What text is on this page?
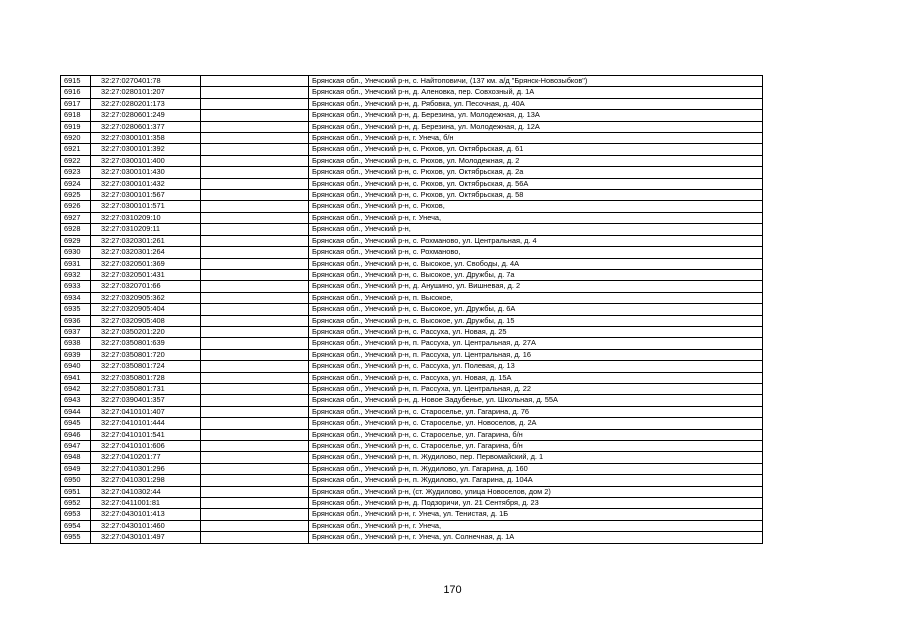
6915	32:27:0270401:78		Брянская обл., Унечский р-н, с. Найтоповичи, (137 км. а/д "Брянск-Новозыбков")
6916	32:27:0280101:207		Брянская обл., Унечский р-н, д. Аленовка, пер. Совхозный, д. 1А
6917	32:27:0280201:173		Брянская обл., Унечский р-н, д. Рябовка, ул. Песочная, д. 40А
6918	32:27:0280601:249		Брянская обл., Унечский р-н, д. Березина, ул. Молодежная, д. 13А
6919	32:27:0280601:377		Брянская обл., Унечский р-н, д. Березина, ул. Молодежная, д. 12А
6920	32:27:0300101:358		Брянская обл., Унечский р-н, г. Унеча, б/н
6921	32:27:0300101:392		Брянская обл., Унечский р-н, с. Рюхов, ул. Октябрьская, д. 61
6922	32:27:0300101:400		Брянская обл., Унечский р-н, с. Рюхов, ул. Молодежная, д. 2
6923	32:27:0300101:430		Брянская обл., Унечский р-н, с. Рюхов, ул. Октябрьская, д. 2а
6924	32:27:0300101:432		Брянская обл., Унечский р-н, с. Рюхов, ул. Октябрьская, д. 56А
6925	32:27:0300101:567		Брянская обл., Унечский р-н, с. Рюхов, ул. Октябрьская, д. 58
6926	32:27:0300101:571		Брянская обл., Унечский р-н, с. Рюхов,
6927	32:27:0310209:10		Брянская обл., Унечский р-н, г. Унеча,
6928	32:27:0310209:11		Брянская обл., Унечский р-н,
6929	32:27:0320301:261		Брянская обл., Унечский р-н, с. Рохманово, ул. Центральная, д. 4
6930	32:27:0320301:264		Брянская обл., Унечский р-н, с. Рохманово,
6931	32:27:0320501:369		Брянская обл., Унечский р-н, с. Высокое, ул. Свободы, д. 4А
6932	32:27:0320501:431		Брянская обл., Унечский р-н, с. Высокое, ул. Дружбы, д. 7а
6933	32:27:0320701:66		Брянская обл., Унечский р-н, д. Анушино, ул. Вишневая, д. 2
6934	32:27:0320905:362		Брянская обл., Унечский р-н, п. Высокое,
6935	32:27:0320905:404		Брянская обл., Унечский р-н, с. Высокое, ул. Дружбы, д. 6А
6936	32:27:0320905:408		Брянская обл., Унечский р-н, с. Высокое, ул. Дружбы, д. 15
6937	32:27:0350201:220		Брянская обл., Унечский р-н, с. Рассуха, ул. Новая, д. 25
6938	32:27:0350801:639		Брянская обл., Унечский р-н, п. Рассуха, ул. Центральная, д. 27А
6939	32:27:0350801:720		Брянская обл., Унечский р-н, п. Рассуха, ул. Центральная, д. 16
6940	32:27:0350801:724		Брянская обл., Унечский р-н, с. Рассуха, ул. Полевая, д. 13
6941	32:27:0350801:728		Брянская обл., Унечский р-н, с. Рассуха, ул. Новая, д. 15А
6942	32:27:0350801:731		Брянская обл., Унечский р-н, п. Рассуха, ул. Центральная, д. 22
6943	32:27:0390401:357		Брянская обл., Унечский р-н, д. Новое Задубенье, ул. Школьная, д. 55А
6944	32:27:0410101:407		Брянская обл., Унечский р-н, с. Староселье, ул. Гагарина, д. 76
6945	32:27:0410101:444		Брянская обл., Унечский р-н, с. Староселье, ул. Новоселов, д. 2А
6946	32:27:0410101:541		Брянская обл., Унечский р-н, с. Староселье, ул. Гагарина, б/н
6947	32:27:0410101:606		Брянская обл., Унечский р-н, с. Староселье, ул. Гагарина, б/н
6948	32:27:0410201:77		Брянская обл., Унечский р-н, п. Жудилово, пер. Первомайский, д. 1
6949	32:27:0410301:296		Брянская обл., Унечский р-н, п. Жудилово, ул. Гагарина, д. 160
6950	32:27:0410301:298		Брянская обл., Унечский р-н, п. Жудилово, ул. Гагарина, д. 104А
6951	32:27:0410302:44		Брянская обл., Унечский р-н, (ст. Жудилово, улица Новоселов, дом 2)
6952	32:27:0411001:81		Брянская обл., Унечский р-н, д. Подзоричи, ул. 21 Сентября, д. 23
6953	32:27:0430101:413		Брянская обл., Унечский р-н, г. Унеча, ул. Тенистая, д. 1Б
6954	32:27:0430101:460		Брянская обл., Унечский р-н, г. Унеча,
6955	32:27:0430101:497		Брянская обл., Унечский р-н, г. Унеча, ул. Солнечная, д. 1А
170
